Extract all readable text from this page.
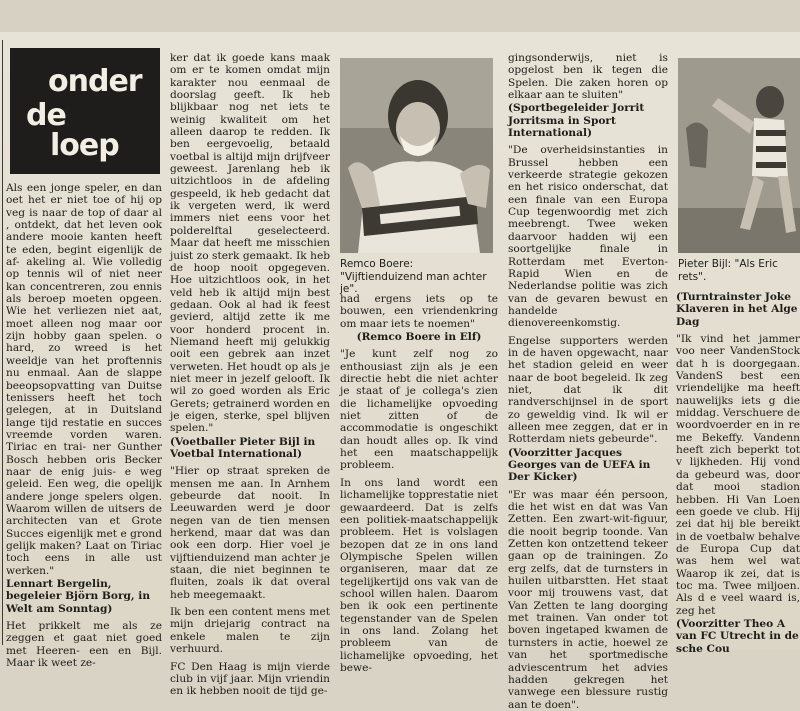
onder
de
loep

Als een jonge speler, en dan oet het er niet toe of hij op veg is naar de top of daar al , ontdekt, dat het leven ook andere mooie kanten heeft te eden, begint eigenlijk de af- akeling al. Wie volledig op tennis wil of niet neer kan concentreren, zou ennis als beroep moeten opgeen. Wie het verliezen niet aat, moet alleen nog maar oor zijn hobby gaan spelen. o hard, zo wreed is het weeldje van het proftennis nu enmaal. Aan de slappe beeopsopvatting van Duitse tenissers heeft het toch gelegen, at in Duitsland lange tijd restatie en succes vreemde vorden waren. Tiriac en trai- ner Gunther Bosch hebben oris Becker naar de enig juis- e weg geleid. Een weg, die opelijk andere jonge spelers olgen. Waarom willen de uitsers de architecten van et Grote Succes eigenlijk met e grond gelijk maken? Laat on Tiriac toch eens in alle ust werken."

Lennart Bergelin, begeleier Björn Borg, in Welt am Sonntag)

Het prikkelt me als ze zeggen et gaat niet goed met Heeren- een en Bijl. Maar ik weet ze-

ker dat ik goede kans maak om er te komen omdat mijn karakter nou eenmaal de doorslag geeft. Ik heb blijkbaar nog net iets te weinig kwaliteit om het alleen daarop te redden. Ik ben eergevoelig, betaald voetbal is altijd mijn drijfveer geweest. Jarenlang heb ik uitzichtloos in de afdeling gespeeld, ik heb gedacht dat ik vergeten werd, ik werd immers niet eens voor het polderelftal geselecteerd. Maar dat heeft me misschien juist zo sterk gemaakt. Ik heb de hoop nooit opgegeven. Hoe uitzichtloos ook, in het veld heb ik altijd mijn best gedaan. Ook al had ik feest gevierd, altijd zette ik me voor honderd procent in. Niemand heeft mij gelukkig ooit een gebrek aan inzet verweten. Het houdt op als je niet meer in jezelf gelooft. Ik wil zo goed worden als Eric Gerets; getrainerd worden en je eigen, sterke, spel blijven spelen."

(Voetballer Pieter Bijl in Voetbal International)

"Hier op straat spreken de mensen me aan. In Arnhem gebeurde dat nooit. In Leeuwarden werd je door negen van de tien mensen herkend, maar dat was dan ook een dorp. Hier voel je vijftienduizend man achter je staan, die niet beginnen te fluiten, zoals ik dat overal heb meegemaakt.

Ik ben een content mens met mijn driejarig contract na enkele malen te zijn verhuurd.

FC Den Haag is mijn vierde club in vijf jaar. Mijn vriendin en ik hebben nooit de tijd ge-

Remco Boere: "Vijftienduizend man achter je".

had ergens iets op te bouwen, een vriendenkring om maar iets te noemen"

(Remco Boere in Elf)

"Je kunt zelf nog zo enthousiast zijn als je een directie hebt die niet achter je staat of je collega's zien die lichamelijke opvoeding niet zitten of de accommodatie is ongeschikt dan houdt alles op. Ik vind het een maatschappelijk probleem.

In ons land wordt een lichamelijke topprestatie niet gewaardeerd. Dat is zelfs een politiek-maatschappelijk probleem. Het is volslagen bezopen dat ze in ons land Olympische Spelen willen organiseren, maar dat ze tegelijkertijd ons vak van de school willen halen. Daarom ben ik ook een pertinente tegenstander van de Spelen in ons land. Zolang het probleem van de lichamelijke opvoeding, het bewe-

gingsonderwijs, niet is opgelost ben ik tegen die Spelen. Die zaken horen op elkaar aan te sluiten"

(Sportbegeleider Jorrit Jorritsma in Sport International)

"De overheidsinstanties in Brussel hebben een verkeerde strategie gekozen en het risico onderschat, dat een finale van een Europa Cup tegenwoordig met zich meebrengt. Twee weken daarvoor hadden wij een soortgelijke finale in Rotterdam met Everton-Rapid Wien en de Nederlandse politie was zich van de gevaren bewust en handelde dienovereenkomstig.

Engelse supporters werden in de haven opgewacht, naar het stadion geleid en weer naar de boot begeleid. Ik zeg niet, dat ik dit randverschijnsel in de sport zo geweldig vind. Ik wil er alleen mee zeggen, dat er in Rotterdam niets gebeurde".

(Voorzitter Jacques Georges van de UEFA in Der Kicker)

"Er was maar één persoon, die het wist en dat was Van Zetten. Een zwart-wit-figuur, die nooit begrip toonde. Van Zetten kon ontzettend tekeer gaan op de trainingen. Zo erg zelfs, dat de turnsters in huilen uitbarstten. Het staat voor mij trouwens vast, dat Van Zetten te lang doorging met trainen. Van onder tot boven ingetaped kwamen de turnsters in actie, hoewel ze van het sportmedische adviescentrum het advies hadden gekregen het vanwege een blessure rustig aan te doen".

Pieter Bijl: "Als Eric rets".

(Turntrainster Joke Klaveren in het Alge Dag

"Ik vind het jammer voo neer VandenStock dat h is doorgegaan. VandenS best een vriendelijke ma heeft nauwelijks iets g die middag. Verschuere de woordvoerder en in re me Bekeffy. Vandenn heeft zich beperkt tot v lijkheden. Hij vond da gebeurd was, door dat mooi stadion hebben. Hi Van Loen een goede ve club. Hij zei dat hij ble bereikt in de voetbalw behalve de Europa Cup dat was hem wel wat Waarop ik zei, dat is toc ma. Twee miljoen. Als d e veel waard is, zeg het

(Voorzitter Theo A van FC Utrecht in de sche Cou
